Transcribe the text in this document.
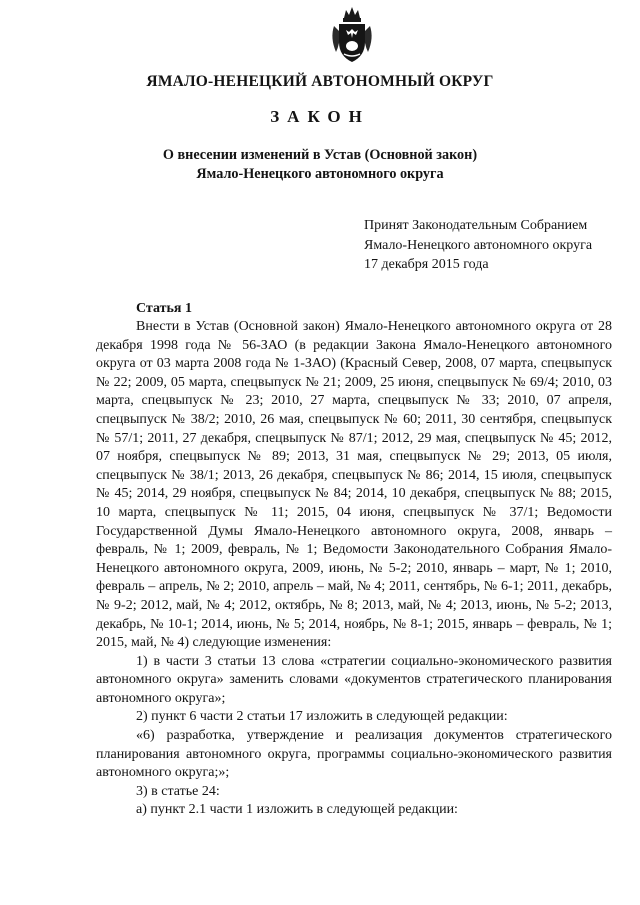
ЯМАЛО-НЕНЕЦКИЙ АВТОНОМНЫЙ ОКРУГ
ЗАКОН
О внесении изменений в Устав (Основной закон)
Ямало-Ненецкого автономного округа
Принят Законодательным Собранием
Ямало-Ненецкого автономного округа
17 декабря 2015 года
Статья 1

Внести в Устав (Основной закон) Ямало-Ненецкого автономного округа от 28 декабря 1998 года № 56-ЗАО (в редакции Закона Ямало-Ненецкого автономного округа от 03 марта 2008 года № 1-ЗАО) (Красный Север, 2008, 07 марта, спецвыпуск № 22; 2009, 05 марта, спецвыпуск № 21; 2009, 25 июня, спецвыпуск № 69/4; 2010, 03 марта, спецвыпуск № 23; 2010, 27 марта, спецвыпуск № 33; 2010, 07 апреля, спецвыпуск № 38/2; 2010, 26 мая, спецвыпуск № 60; 2011, 30 сентября, спецвыпуск № 57/1; 2011, 27 декабря, спецвыпуск № 87/1; 2012, 29 мая, спецвыпуск № 45; 2012, 07 ноября, спецвыпуск № 89; 2013, 31 мая, спецвыпуск № 29; 2013, 05 июля, спецвыпуск № 38/1; 2013, 26 декабря, спецвыпуск № 86; 2014, 15 июля, спецвыпуск № 45; 2014, 29 ноября, спецвыпуск № 84; 2014, 10 декабря, спецвыпуск № 88; 2015, 10 марта, спецвыпуск № 11; 2015, 04 июня, спецвыпуск № 37/1; Ведомости Государственной Думы Ямало-Ненецкого автономного округа, 2008, январь – февраль, № 1; 2009, февраль, № 1; Ведомости Законодательного Собрания Ямало-Ненецкого автономного округа, 2009, июнь, № 5-2; 2010, январь – март, № 1; 2010, февраль – апрель, № 2; 2010, апрель – май, № 4; 2011, сентябрь, № 6-1; 2011, декабрь, № 9-2; 2012, май, № 4; 2012, октябрь, № 8; 2013, май, № 4; 2013, июнь, № 5-2; 2013, декабрь, № 10-1; 2014, июнь, № 5; 2014, ноябрь, № 8-1; 2015, январь – февраль, № 1; 2015, май, № 4) следующие изменения:

1) в части 3 статьи 13 слова «стратегии социально-экономического развития автономного округа» заменить словами «документов стратегического планирования автономного округа»;

2) пункт 6 части 2 статьи 17 изложить в следующей редакции:

«6) разработка, утверждение и реализация документов стратегического планирования автономного округа, программы социально-экономического развития автономного округа;»;

3) в статье 24:

а) пункт 2.1 части 1 изложить в следующей редакции:
